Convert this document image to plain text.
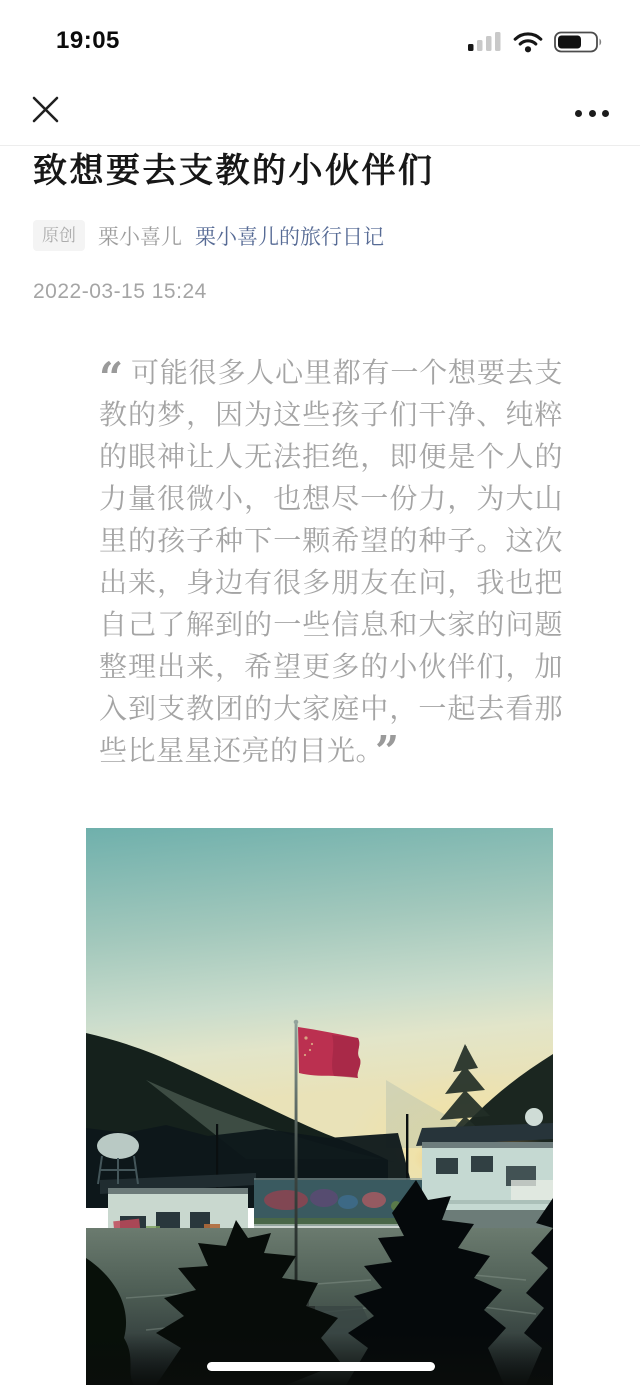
19:05
致想要去支教的小伙伴们
原创	栗小喜儿 栗小喜儿的旅行日记
2022-03-15 15:24
“ 可能很多人心里都有一个想要去支教的梦，因为这些孩子们干净、纯粹的眼神让人无法拒绝，即便是个人的力量很微小，也想尽一份力，为大山里的孩子种下一颗希望的种子。这次出来，身边有很多朋友在问，我也把自己了解到的一些信息和大家的问题整理出来，希望更多的小伙伴们，加入到支教团的大家庭中，一起去看那些比星星还亮的目光。 ”
